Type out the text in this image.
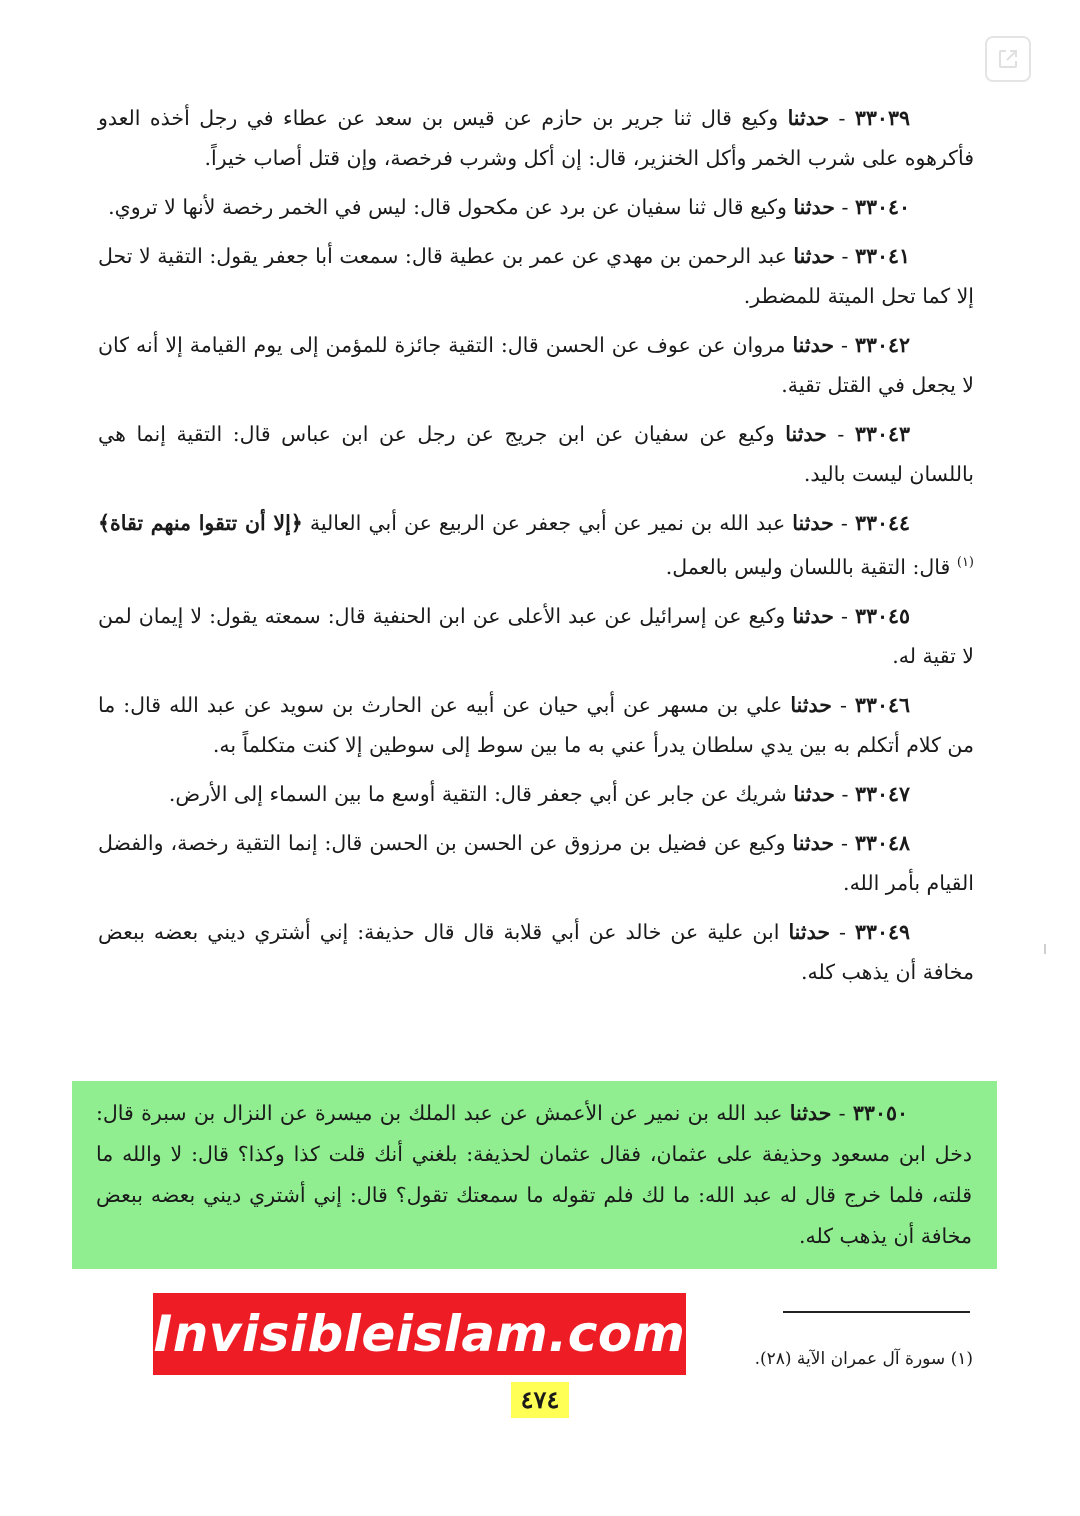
٣٣٠٣٩ - حدثنا وكيع قال ثنا جرير بن حازم عن قيس بن سعد عن عطاء في رجل أخذه العدو فأكرهوه على شرب الخمر وأكل الخنزير، قال: إن أكل وشرب فرخصة، وإن قتل أصاب خيراً.

٣٣٠٤٠ - حدثنا وكيع قال ثنا سفيان عن برد عن مكحول قال: ليس في الخمر رخصة لأنها لا تروي.

٣٣٠٤١ - حدثنا عبد الرحمن بن مهدي عن عمر بن عطية قال: سمعت أبا جعفر يقول: التقية لا تحل إلا كما تحل الميتة للمضطر.

٣٣٠٤٢ - حدثنا مروان عن عوف عن الحسن قال: التقية جائزة للمؤمن إلى يوم القيامة إلا أنه كان لا يجعل في القتل تقية.

٣٣٠٤٣ - حدثنا وكيع عن سفيان عن ابن جريج عن رجل عن ابن عباس قال: التقية إنما هي باللسان ليست باليد.

٣٣٠٤٤ - حدثنا عبد الله بن نمير عن أبي جعفر عن الربيع عن أبي العالية ﴿إلا أن تتقوا منهم تقاة﴾$^{(١)}$ قال: التقية باللسان وليس بالعمل.

٣٣٠٤٥ - حدثنا وكيع عن إسرائيل عن عبد الأعلى عن ابن الحنفية قال: سمعته يقول: لا إيمان لمن لا تقية له.

٣٣٠٤٦ - حدثنا علي بن مسهر عن أبي حيان عن أبيه عن الحارث بن سويد عن عبد الله قال: ما من كلام أتكلم به بين يدي سلطان يدرأ عني به ما بين سوط إلى سوطين إلا كنت متكلماً به.

٣٣٠٤٧ - حدثنا شريك عن جابر عن أبي جعفر قال: التقية أوسع ما بين السماء إلى الأرض.

٣٣٠٤٨ - حدثنا وكيع عن فضيل بن مرزوق عن الحسن بن الحسن قال: إنما التقية رخصة، والفضل القيام بأمر الله.

٣٣٠٤٩ - حدثنا ابن علية عن خالد عن أبي قلابة قال قال حذيفة: إني أشتري ديني بعضه ببعض مخافة أن يذهب كله.

٣٣٠٥٠ - حدثنا عبد الله بن نمير عن الأعمش عن عبد الملك بن ميسرة عن النزال بن سبرة قال: دخل ابن مسعود وحذيفة على عثمان، فقال عثمان لحذيفة: بلغني أنك قلت كذا وكذا؟ قال: لا والله ما قلته، فلما خرج قال له عبد الله: ما لك فلم تقوله ما سمعتك تقول؟ قال: إني أشتري ديني بعضه ببعض مخافة أن يذهب كله.

Invisibleislam.com	(١) سورة آل عمران الآية (٢٨).
٤٧٤
